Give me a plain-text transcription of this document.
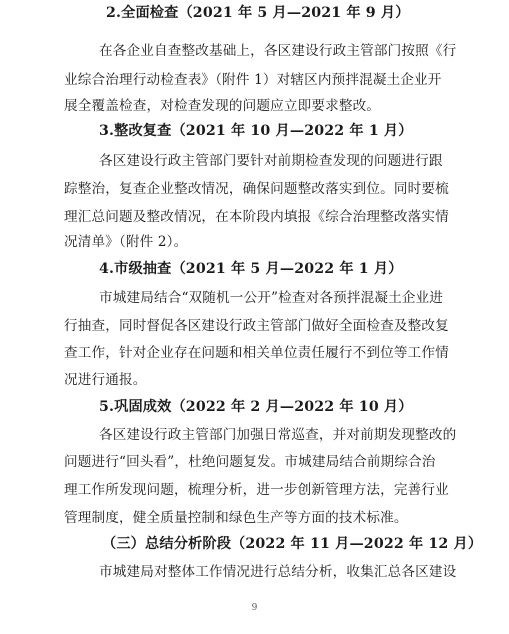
2.全面检查（2021 年 5 月—2021 年 9 月）
在各企业自查整改基础上，各区建设行政主管部门按照《行
业综合治理行动检查表》（附件 1）对辖区内预拌混凝土企业开
展全覆盖检查，对检查发现的问题应立即要求整改。
3.整改复查（2021 年 10 月—2022 年 1 月）
各区建设行政主管部门要针对前期检查发现的问题进行跟
踪整治，复查企业整改情况，确保问题整改落实到位。同时要梳
理汇总问题及整改情况，在本阶段内填报《综合治理整改落实情
况清单》（附件 2）。
4.市级抽查（2021 年 5 月—2022 年 1 月）
市城建局结合“双随机一公开”检查对各预拌混凝土企业进
行抽查，同时督促各区建设行政主管部门做好全面检查及整改复
查工作，针对企业存在问题和相关单位责任履行不到位等工作情
况进行通报。
5.巩固成效（2022 年 2 月—2022 年 10 月）
各区建设行政主管部门加强日常巡查，并对前期发现整改的
问题进行“回头看”，杜绝问题复发。市城建局结合前期综合治
理工作所发现问题，梳理分析，进一步创新管理方法，完善行业
管理制度，健全质量控制和绿色生产等方面的技术标准。
（三）总结分析阶段（2022 年 11 月—2022 年 12 月）
市城建局对整体工作情况进行总结分析，收集汇总各区建设
9
